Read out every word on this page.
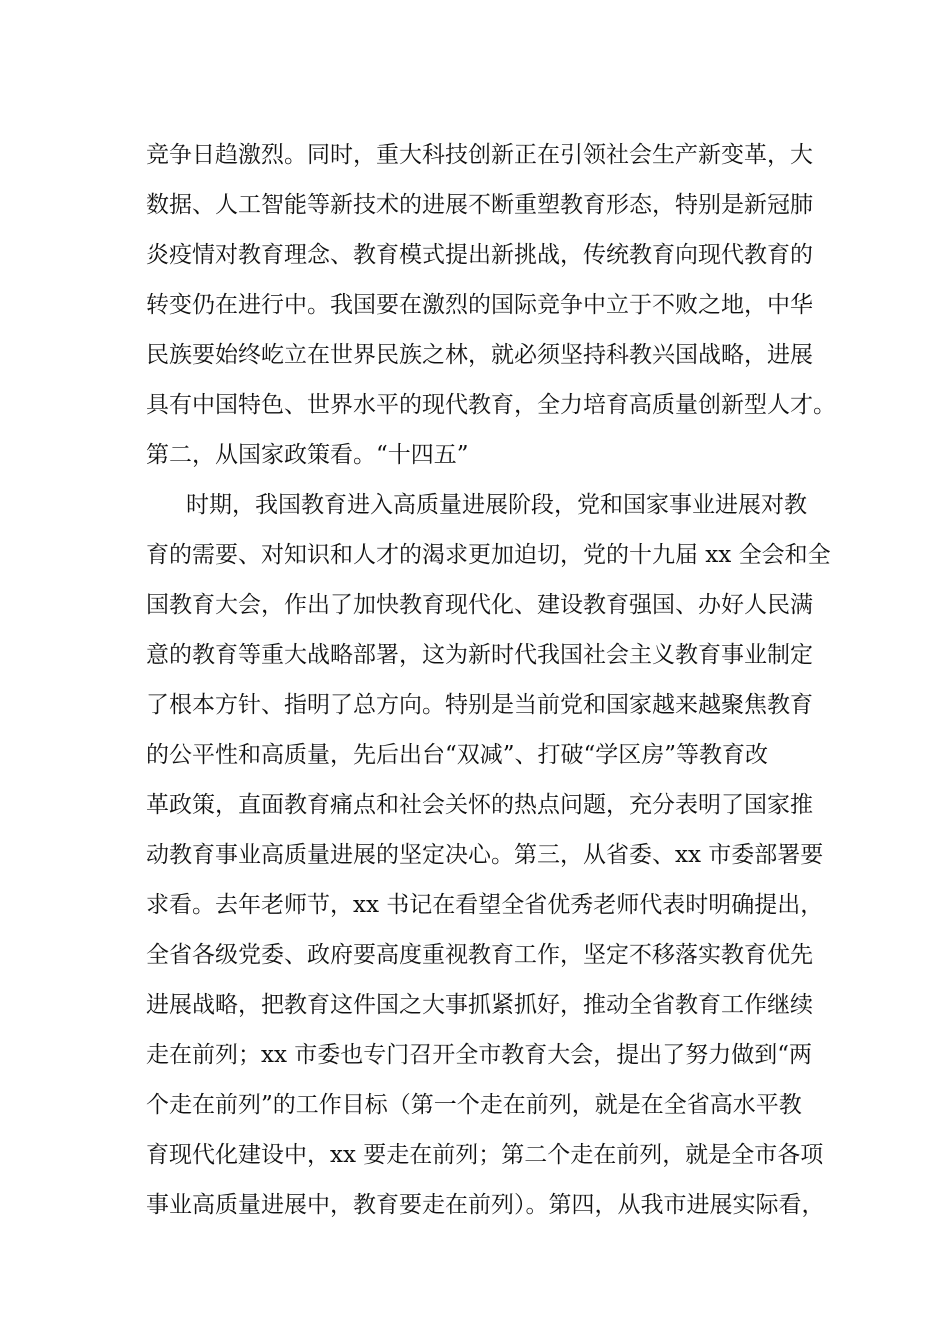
竞争日趋激烈。同时，重大科技创新正在引领社会生产新变革，大
数据、人工智能等新技术的进展不断重塑教育形态，特别是新冠肺
炎疫情对教育理念、教育模式提出新挑战，传统教育向现代教育的
转变仍在进行中。我国要在激烈的国际竞争中立于不败之地，中华
民族要始终屹立在世界民族之林，就必须坚持科教兴国战略，进展
具有中国特色、世界水平的现代教育，全力培育高质量创新型人才。
第二，从国家政策看。“十四五”
时期，我国教育进入高质量进展阶段，党和国家事业进展对教
育的需要、对知识和人才的渴求更加迫切，党的十九届 xx 全会和全
国教育大会，作出了加快教育现代化、建设教育强国、办好人民满
意的教育等重大战略部署，这为新时代我国社会主义教育事业制定
了根本方针、指明了总方向。特别是当前党和国家越来越聚焦教育
的公平性和高质量，先后出台“双减”、打破“学区房”等教育改
革政策，直面教育痛点和社会关怀的热点问题，充分表明了国家推
动教育事业高质量进展的坚定决心。第三，从省委、xx 市委部署要
求看。去年老师节，xx 书记在看望全省优秀老师代表时明确提出，
全省各级党委、政府要高度重视教育工作，坚定不移落实教育优先
进展战略，把教育这件国之大事抓紧抓好，推动全省教育工作继续
走在前列；xx 市委也专门召开全市教育大会，提出了努力做到“两
个走在前列”的工作目标（第一个走在前列，就是在全省高水平教
育现代化建设中，xx 要走在前列；第二个走在前列，就是全市各项
事业高质量进展中，教育要走在前列）。第四，从我市进展实际看，
